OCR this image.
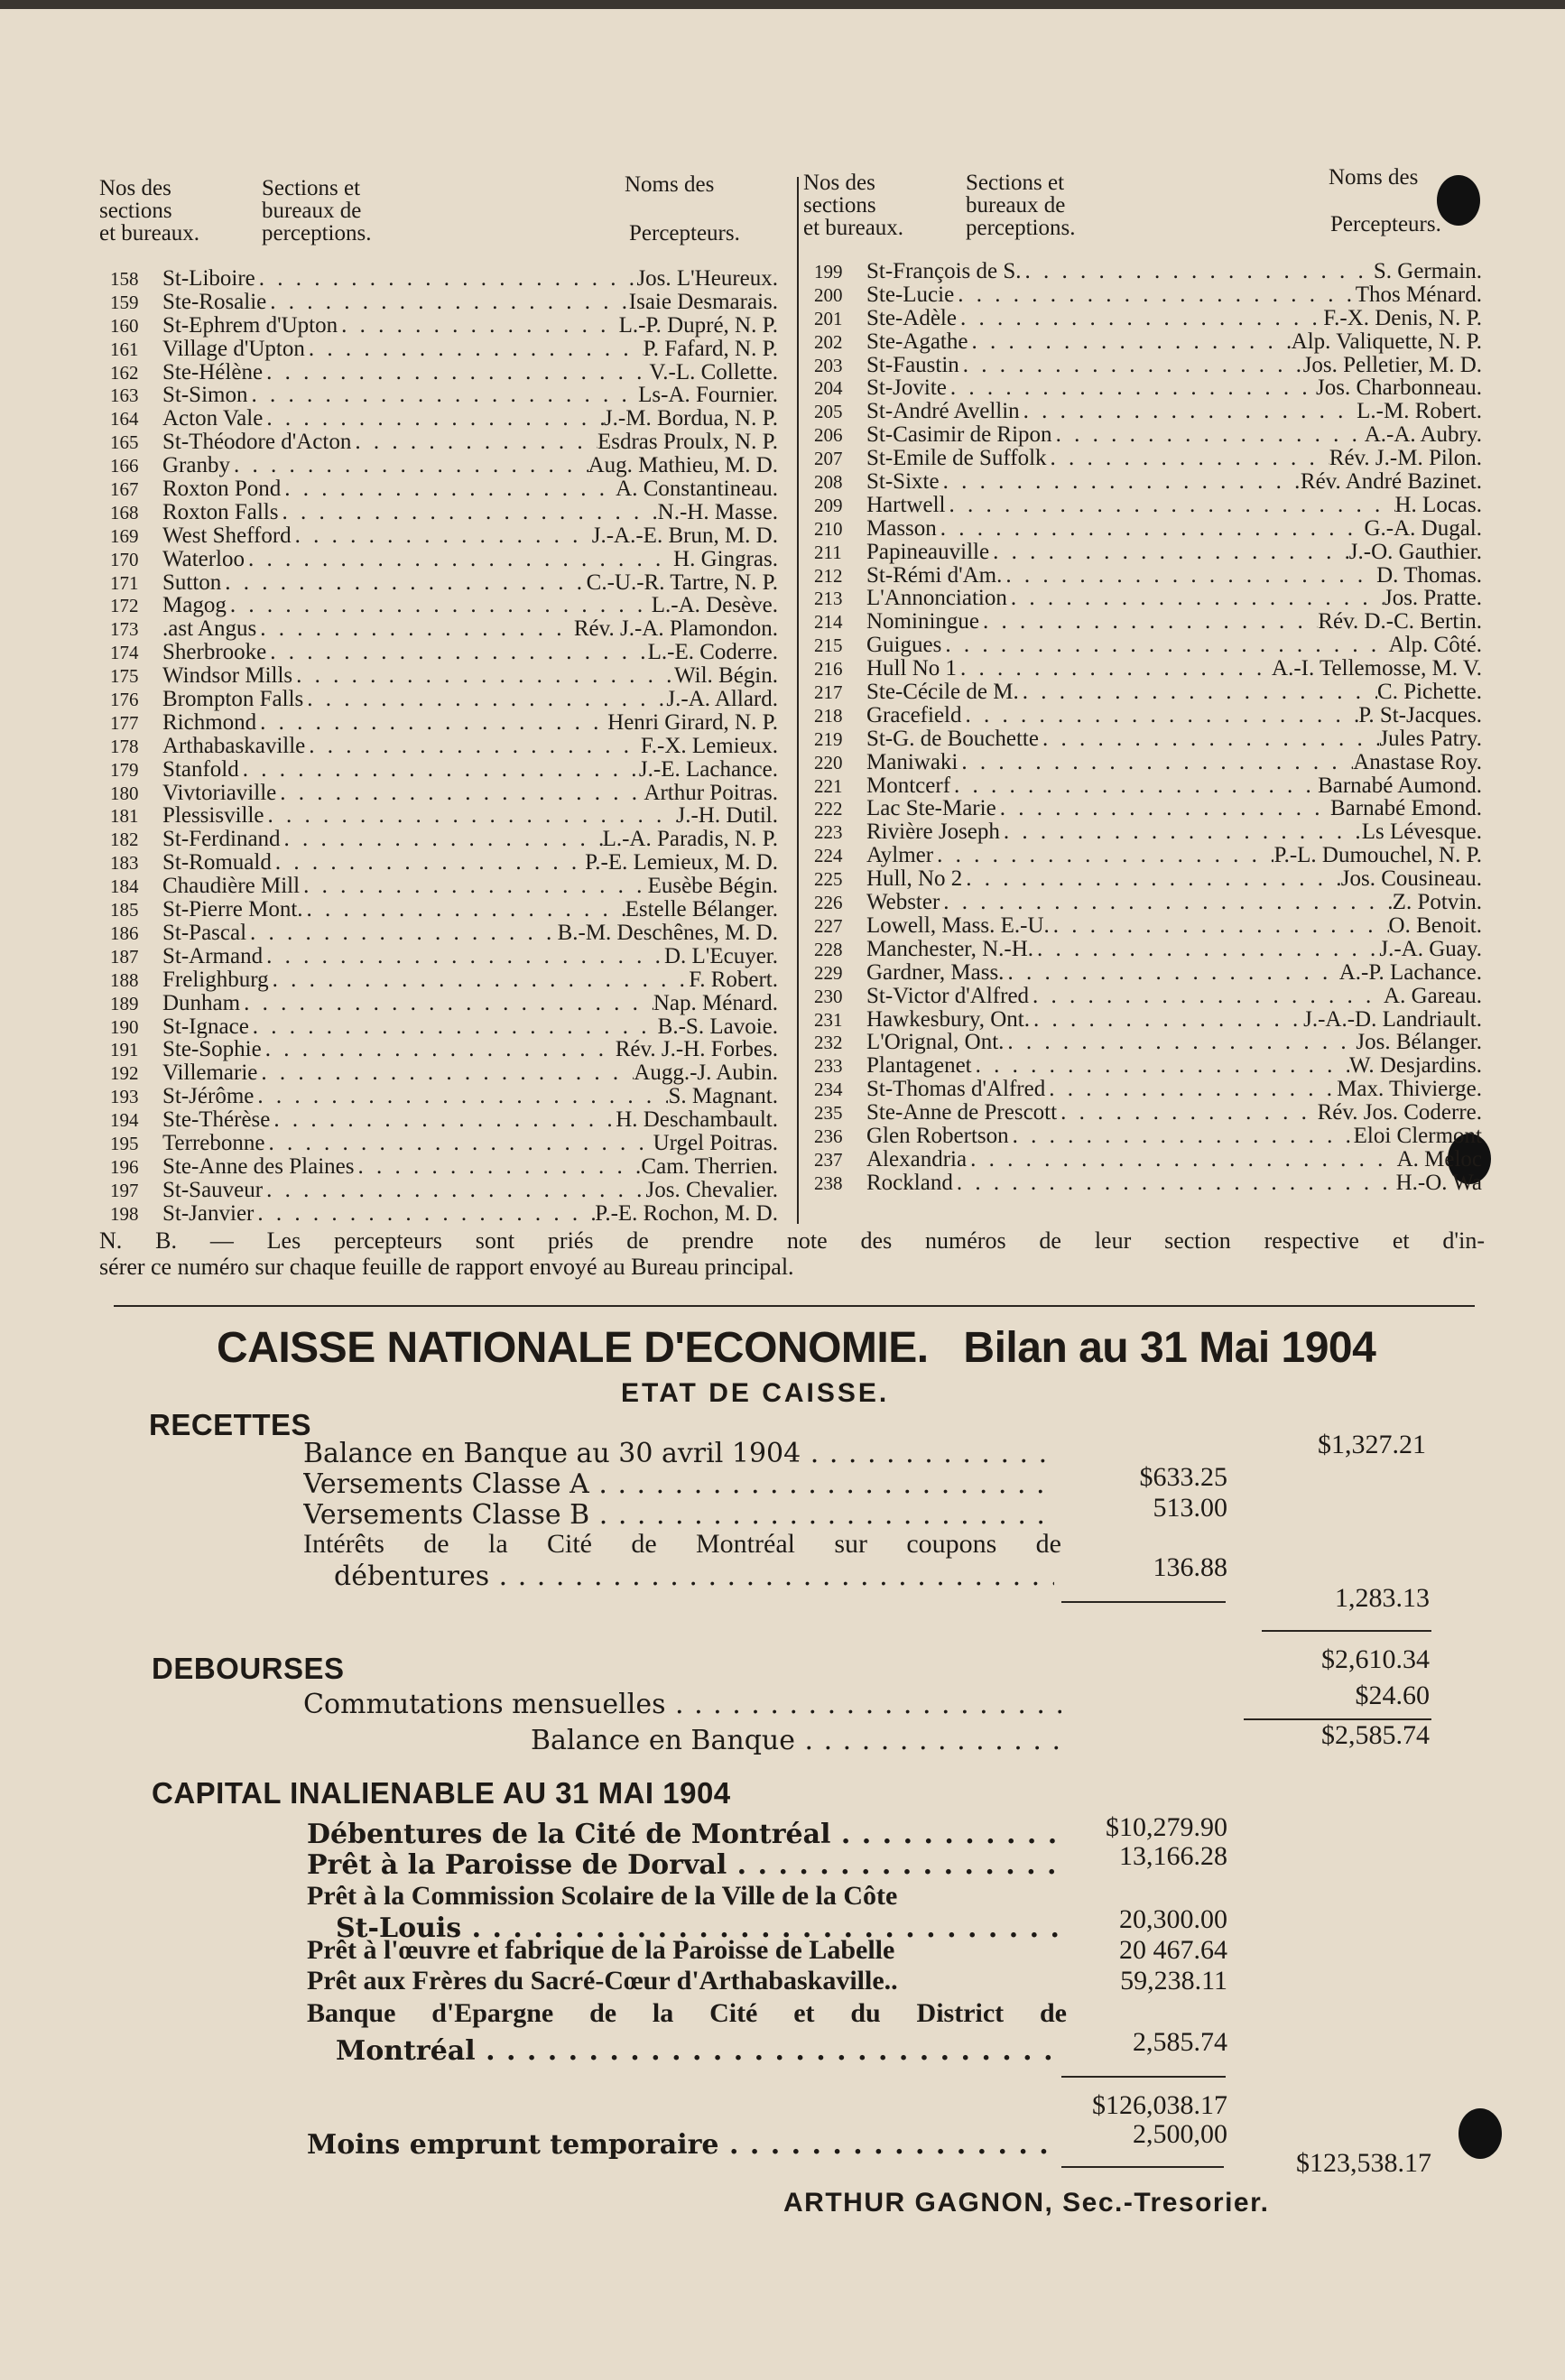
Nos des
sections
et bureaux.
Sections et
bureaux de
perceptions.
Noms des
Percepteurs.
Nos des
sections
et bureaux.
Sections et
bureaux de
perceptions.
Noms des
Percepteurs.
158	St-Liboire . . .	Jos. L'Heureux.
159	Ste-Rosalie . . .	Isaie Desmarais.
160	St-Ephrem d'Upton . . .	L.-P. Dupré, N. P.
161	Village d'Upton . . .	P. Fafard, N. P.
162	Ste-Hélène . . .	V.-L. Collette.
163	St-Simon . . .	Ls-A. Fournier.
164	Acton Vale . . .	J.-M. Bordua, N. P.
165	St-Théodore d'Acton . . .	Esdras Proulx, N. P.
166	Granby . . .	Aug. Mathieu, M. D.
167	Roxton Pond . . .	A. Constantineau.
168	Roxton Falls . . .	N.-H. Masse.
169	West Shefford . . .	J.-A.-E. Brun, M. D.
170	Waterloo . . .	H. Gingras.
171	Sutton . . .	C.-U.-R. Tartre, N. P.
172	Magog . . .	L.-A. Desève.
173	.ast Angus . . .	Rév. J.-A. Plamondon.
174	Sherbrooke . . .	L.-E. Coderre.
175	Windsor Mills . . .	Wil. Bégin.
176	Brompton Falls . . .	J.-A. Allard.
177	Richmond . . .	Henri Girard, N. P.
178	Arthabaskaville . . .	F.-X. Lemieux.
179	Stanfold . . .	J.-E. Lachance.
180	Vivtoriaville . . .	Arthur Poitras.
181	Plessisville . . .	J.-H. Dutil.
182	St-Ferdinand . . .	L.-A. Paradis, N. P.
183	St-Romuald . . .	P.-E. Lemieux, M. D.
184	Chaudière Mill . . .	Eusèbe Bégin.
185	St-Pierre Mont. . . .	Estelle Bélanger.
186	St-Pascal . . .	B.-M. Deschênes, M. D.
187	St-Armand . . .	D. L'Ecuyer.
188	Frelighburg . . .	F. Robert.
189	Dunham . . .	Nap. Ménard.
190	St-Ignace . . .	B.-S. Lavoie.
191	Ste-Sophie . . .	Rév. J.-H. Forbes.
192	Villemarie . . .	Augg.-J. Aubin.
193	St-Jérôme . . .	S. Magnant.
194	Ste-Thérèse . . .	H. Deschambault.
195	Terrebonne . . .	Urgel Poitras.
196	Ste-Anne des Plaines . . .	Cam. Therrien.
197	St-Sauveur . . .	Jos. Chevalier.
198	St-Janvier . . .	P.-E. Rochon, M. D.
199	St-François de S. . . .	S. Germain.
200	Ste-Lucie . . .	Thos Ménard.
201	Ste-Adèle . . .	F.-X. Denis, N. P.
202	Ste-Agathe . . .	Alp. Valiquette, N. P.
203	St-Faustin . . .	Jos. Pelletier, M. D.
204	St-Jovite . . .	Jos. Charbonneau.
205	St-André Avellin . . .	L.-M. Robert.
206	St-Casimir de Ripon . . .	A.-A. Aubry.
207	St-Emile de Suffolk . . .	Rév. J.-M. Pilon.
208	St-Sixte . . .	Rév. André Bazinet.
209	Hartwell . . .	H. Locas.
210	Masson . . .	G.-A. Dugal.
211	Papineauville . . .	J.-O. Gauthier.
212	St-Rémi d'Am. . . .	D. Thomas.
213	L'Annonciation . . .	Jos. Pratte.
214	Nominingue . . .	Rév. D.-C. Bertin.
215	Guigues . . .	Alp. Côté.
216	Hull No 1 . . .	A.-I. Tellemosse, M. V.
217	Ste-Cécile de M. . . .	C. Pichette.
218	Gracefield . . .	P. St-Jacques.
219	St-G. de Bouchette . . .	Jules Patry.
220	Maniwaki . . .	Anastase Roy.
221	Montcerf . . .	Barnabé Aumond.
222	Lac Ste-Marie . . .	Barnabé Emond.
223	Rivière Joseph . . .	Ls Lévesque.
224	Aylmer . . .	P.-L. Dumouchel, N. P.
225	Hull, No 2 . . .	Jos. Cousineau.
226	Webster . . .	Z. Potvin.
227	Lowell, Mass. E.-U. . . .	O. Benoit.
228	Manchester, N.-H. . . .	J.-A. Guay.
229	Gardner, Mass. . . .	A.-P. Lachance.
230	St-Victor d'Alfred . . .	A. Gareau.
231	Hawkesbury, Ont. . . .	J.-A.-D. Landriault.
232	L'Orignal, Ont. . . .	Jos. Bélanger.
233	Plantagenet . . .	W. Desjardins.
234	St-Thomas d'Alfred . . .	Max. Thivierge.
235	Ste-Anne de Prescott . . .	Rév. Jos. Coderre.
236	Glen Robertson . . .	Eloi Clermont
237	Alexandria . . .	A. Meloc
238	Rockland . . .	H.-O. Wa
N. B. — Les percepteurs sont priés de prendre note des numéros de leur section respective et d'in-
sérer ce numéro sur chaque feuille de rapport envoyé au Bureau principal.
CAISSE NATIONALE D'ECONOMIE. Bilan au 31 Mai 1904
ETAT DE CAISSE.
RECETTES
Balance en Banque au 30 avril 1904 . . .	$1,327.21
Versements Classe A . . .	$633.25
Versements Classe B . . .	513.00
Intérêts de la Cité de Montréal sur coupons de
débentures . . .	136.88
1,283.13
DEBOURSES	$2,610.34
Commutations mensuelles . . .	$24.60
Balance en Banque . . .	$2,585.74
CAPITAL INALIENABLE AU 31 MAI 1904
Débentures de la Cité de Montréal . . .	$10,279.90
Prêt à la Paroisse de Dorval . . .	13,166.28
Prêt à la Commission Scolaire de la Ville de la Côte
St-Louis . . .	20,300.00
Prêt à l'œuvre et fabrique de la Paroisse de Labelle	20 467.64
Prêt aux Frères du Sacré-Cœur d'Arthabaskaville..	59,238.11
Banque d'Epargne de la Cité et du District de
Montréal . . .	2,585.74
$126,038.17
Moins emprunt temporaire . . .	2,500,00
$123,538.17
ARTHUR GAGNON, Sec.-Tresorier.
